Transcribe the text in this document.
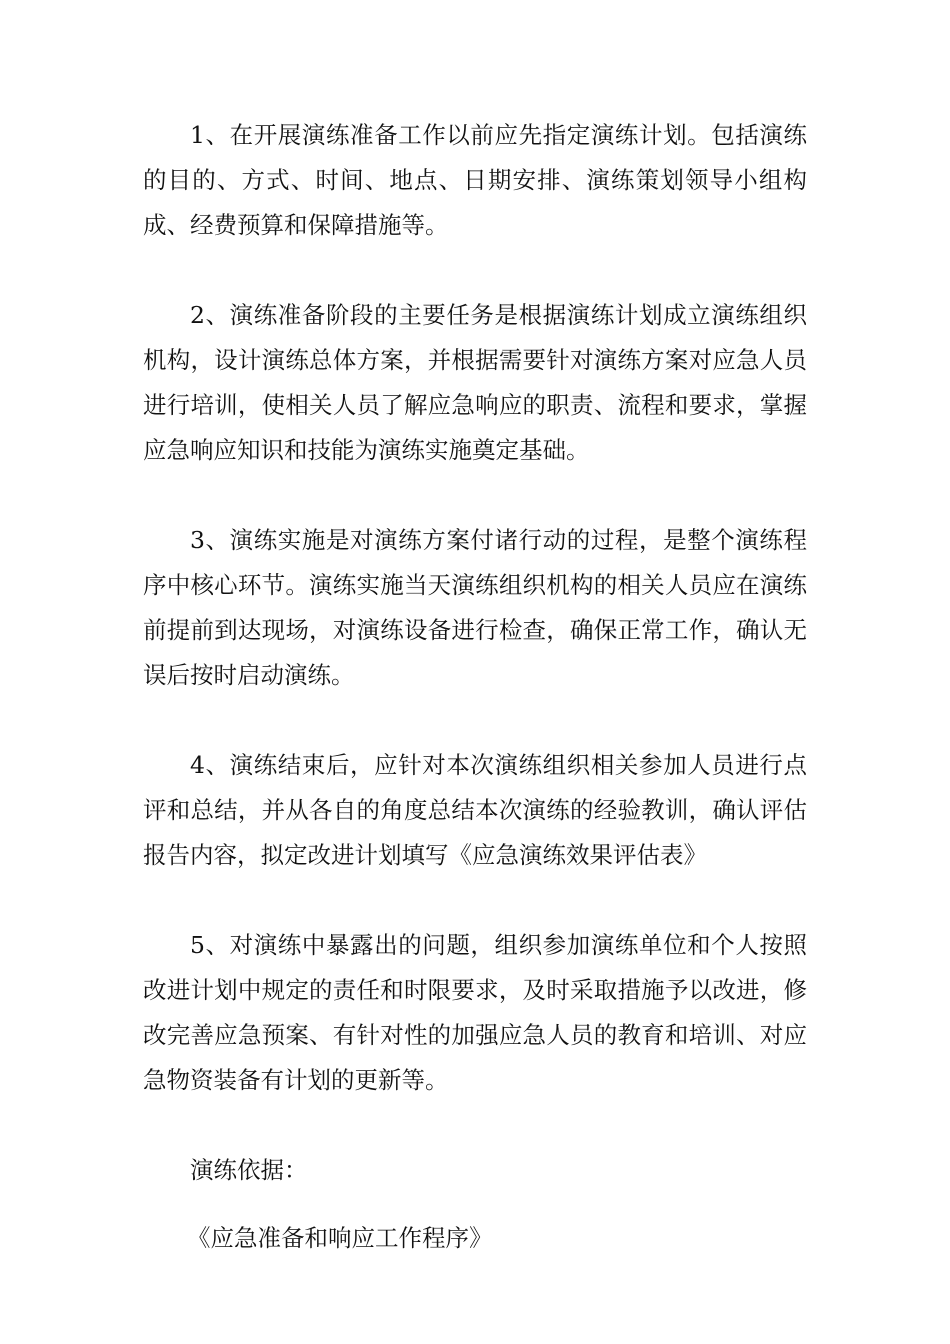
1、在开展演练准备工作以前应先指定演练计划。包括演练的目的、方式、时间、地点、日期安排、演练策划领导小组构成、经费预算和保障措施等。

2、演练准备阶段的主要任务是根据演练计划成立演练组织机构，设计演练总体方案，并根据需要针对演练方案对应急人员进行培训，使相关人员了解应急响应的职责、流程和要求，掌握应急响应知识和技能为演练实施奠定基础。

3、演练实施是对演练方案付诸行动的过程，是整个演练程序中核心环节。演练实施当天演练组织机构的相关人员应在演练前提前到达现场，对演练设备进行检查，确保正常工作，确认无误后按时启动演练。

4、演练结束后，应针对本次演练组织相关参加人员进行点评和总结，并从各自的角度总结本次演练的经验教训，确认评估报告内容，拟定改进计划填写《应急演练效果评估表》

5、对演练中暴露出的问题，组织参加演练单位和个人按照改进计划中规定的责任和时限要求，及时采取措施予以改进，修改完善应急预案、有针对性的加强应急人员的教育和培训、对应急物资装备有计划的更新等。

演练依据：

《应急准备和响应工作程序》
